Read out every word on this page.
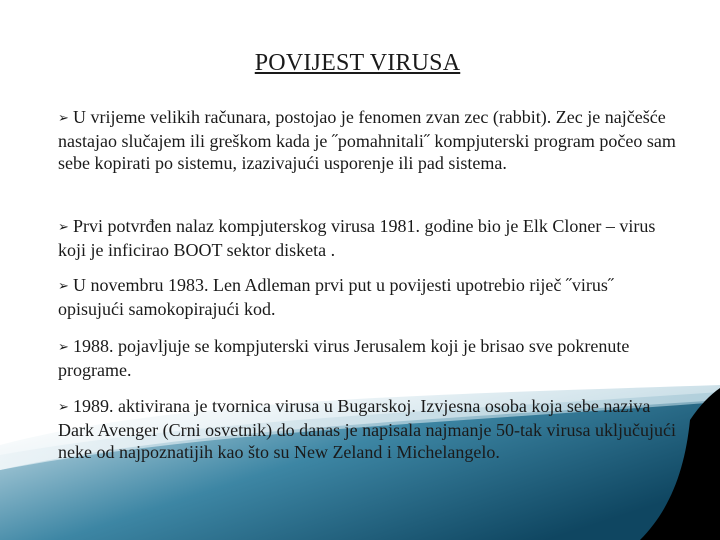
POVIJEST VIRUSA

➢ U vrijeme velikih računara, postojao je fenomen zvan zec (rabbit). Zec je najčešće nastajao slučajem ili greškom kada je ˝pomahnitali˝ kompjuterski program počeo sam sebe kopirati po sistemu, izazivajući usporenje ili pad sistema.

➢ Prvi potvrđen nalaz kompjuterskog virusa 1981. godine bio je Elk Cloner – virus koji je inficirao BOOT sektor disketa .

➢ U novembru 1983. Len Adleman prvi put u povijesti upotrebio riječ ˝virus˝ opisujući samokopirajući kod.

➢ 1988. pojavljuje se kompjuterski virus Jerusalem koji je brisao sve pokrenute programe.

➢ 1989. aktivirana je tvornica virusa u Bugarskoj. Izvjesna osoba koja sebe naziva Dark Avenger (Crni osvetnik) do danas je napisala najmanje 50-tak virusa uključujući neke od najpoznatijih kao što su New Zeland i Michelangelo.
